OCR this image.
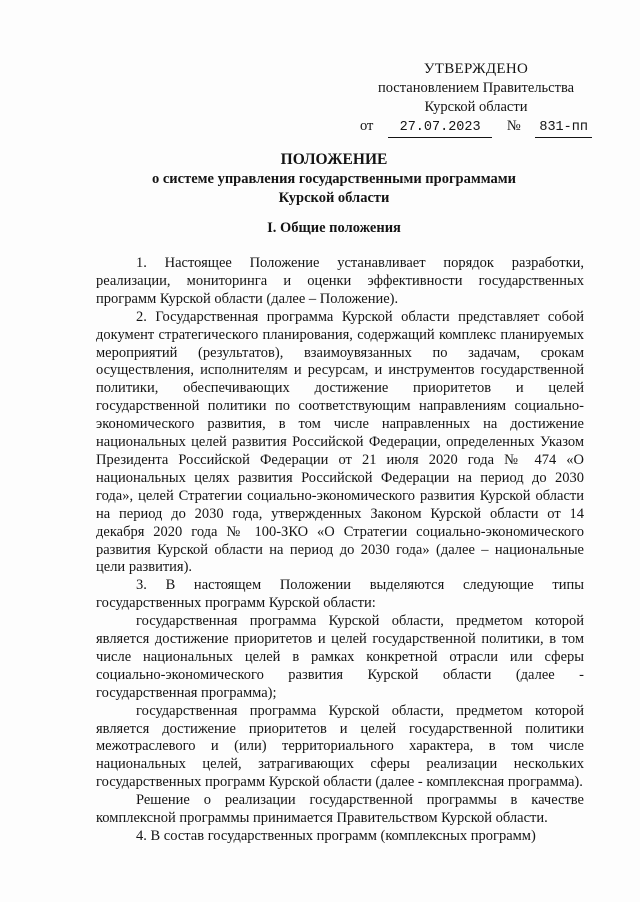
УТВЕРЖДЕНО
постановлением Правительства
Курской области
от	27.07.2023	№ 831-пп
ПОЛОЖЕНИЕ
о системе управления государственными программами
Курской области
I. Общие положения

1. Настоящее Положение устанавливает порядок разработки, реализации, мониторинга и оценки эффективности государственных программ Курской области (далее – Положение).

2. Государственная программа Курской области представляет собой документ стратегического планирования, содержащий комплекс планируемых мероприятий (результатов), взаимоувязанных по задачам, срокам осуществления, исполнителям и ресурсам, и инструментов государственной политики, обеспечивающих достижение приоритетов и целей государственной политики по соответствующим направлениям социально-экономического развития, в том числе направленных на достижение национальных целей развития Российской Федерации, определенных Указом Президента Российской Федерации от 21 июля 2020 года № 474 «О национальных целях развития Российской Федерации на период до 2030 года», целей Стратегии социально-экономического развития Курской области на период до 2030 года, утвержденных Законом Курской области от 14 декабря 2020 года № 100-ЗКО «О Стратегии социально-экономического развития Курской области на период до 2030 года» (далее – национальные цели развития).

3. В настоящем Положении выделяются следующие типы государственных программ Курской области:

государственная программа Курской области, предметом которой является достижение приоритетов и целей государственной политики, в том числе национальных целей в рамках конкретной отрасли или сферы социально-экономического развития Курской области (далее - государственная программа);

государственная программа Курской области, предметом которой является достижение приоритетов и целей государственной политики межотраслевого и (или) территориального характера, в том числе национальных целей, затрагивающих сферы реализации нескольких государственных программ Курской области (далее - комплексная программа).

Решение о реализации государственной программы в качестве комплексной программы принимается Правительством Курской области.

4. В состав государственных программ (комплексных программ)
